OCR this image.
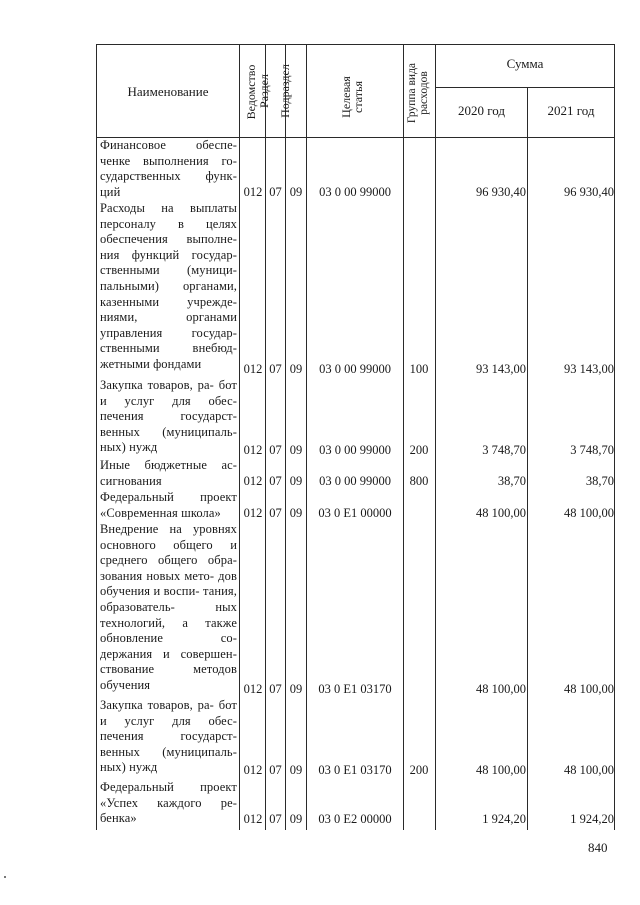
Наименование	Ведомство Раздел Подраздел	Целевая
статья	Группа вида расходов
Сумма
2020 год	2021 год
Финансовое обеспе- ченке выполнения го- сударственных функ- ций	012 07 09	03 0 00 99000	96 930,40	96 930,40
Расходы на выплаты персоналу в целях обеспечения выполне- ния функций государ- ственными (муници- пальными) органами, казенными учрежде- ниями, органами управления государ- ственными внебюд- жетными фондами	012 07 09	03 0 00 99000	100	93 143,00	93 143,00
Закупка товаров, ра- бот и услуг для обес- печения государст- венных (муниципаль- ных) нужд	012 07 09	03 0 00 99000	200	3 748,70	3 748,70
Иные бюджетные ас- сигнования	012 07 09	03 0 00 99000	800	38,70	38,70
Федеральный проект «Современная школа»	012 07 09	03 0 E1 00000	48 100,00	48 100,00
Внедрение на уровнях основного общего и среднего общего обра- зования новых мето- дов обучения и воспи- тания, образователь- ных технологий, а также обновление со- держания и совершен- ствование методов обучения	012 07 09	03 0 E1 03170	48 100,00	48 100,00
Закупка товаров, ра- бот и услуг для обес- печения государст- венных (муниципаль- ных) нужд	012 07 09	03 0 E1 03170	200	48 100,00	48 100,00
Федеральный проект «Успех каждого ре- бенка»	012 07 09	03 0 E2 00000	1 924,20	1 924,20
840
